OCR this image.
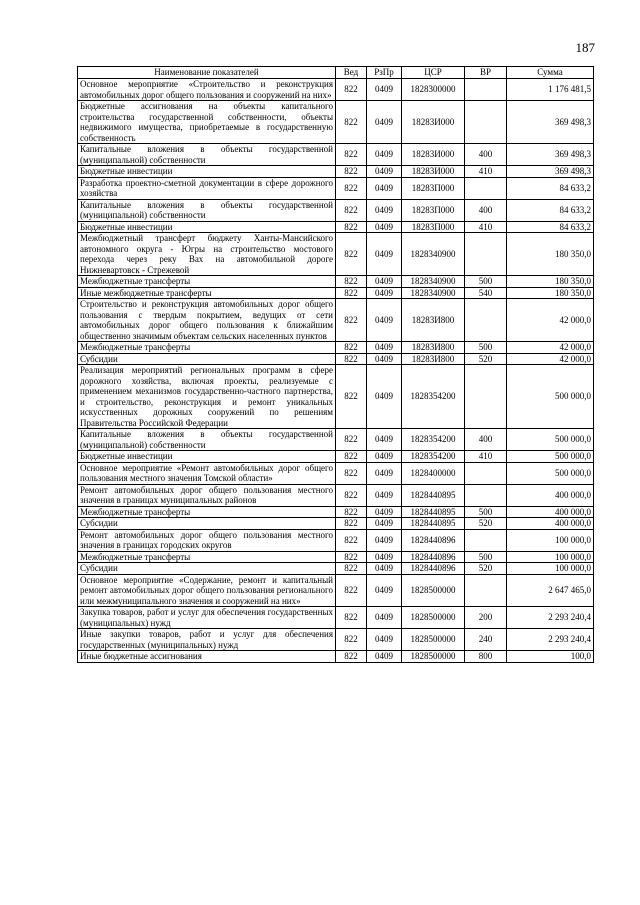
187
Наименование показателей	Вед	РзПр	ЦСР	ВР	Сумма
Основное мероприятие «Строительство и реконструкция автомобильных дорог общего пользования и сооружений на них»	822	0409	1828300000		1 176 481,5
Бюджетные ассигнования на объекты капитального строительства государственной собственности, объекты недвижимого имущества, приобретаемые в государственную собственность	822	0409	18283И000		369 498,3
Капитальные вложения в объекты государственной (муниципальной) собственности	822	0409	18283И000	400	369 498,3
Бюджетные инвестиции	822	0409	18283И000	410	369 498,3
Разработка проектно-сметной документации в сфере дорожного хозяйства	822	0409	18283П000		84 633,2
Капитальные вложения в объекты государственной (муниципальной) собственности	822	0409	18283П000	400	84 633,2
Бюджетные инвестиции	822	0409	18283П000	410	84 633,2
Межбюджетный трансферт бюджету Ханты-Мансийского автономного округа - Югры на строительство мостового перехода через реку Вах на автомобильной дороге Нижневартовск - Стрежевой	822	0409	1828340900		180 350,0
Межбюджетные трансферты	822	0409	1828340900	500	180 350,0
Иные межбюджетные трансферты	822	0409	1828340900	540	180 350,0
Строительство и реконструкция автомобильных дорог общего пользования с твердым покрытием, ведущих от сети автомобильных дорог общего пользования к ближайшим общественно значимым объектам сельских населенных пунктов	822	0409	18283И800		42 000,0
Межбюджетные трансферты	822	0409	18283И800	500	42 000,0
Субсидии	822	0409	18283И800	520	42 000,0
Реализация мероприятий региональных программ в сфере дорожного хозяйства, включая проекты, реализуемые с применением механизмов государственно-частного партнерства, и строительство, реконструкция и ремонт уникальных искусственных дорожных сооружений по решениям Правительства Российской Федерации	822	0409	1828354200		500 000,0
Капитальные вложения в объекты государственной (муниципальной) собственности	822	0409	1828354200	400	500 000,0
Бюджетные инвестиции	822	0409	1828354200	410	500 000,0
Основное мероприятие «Ремонт автомобильных дорог общего пользования местного значения Томской области»	822	0409	1828400000		500 000,0
Ремонт автомобильных дорог общего пользования местного значения в границах муниципальных районов	822	0409	1828440895		400 000,0
Межбюджетные трансферты	822	0409	1828440895	500	400 000,0
Субсидии	822	0409	1828440895	520	400 000,0
Ремонт автомобильных дорог общего пользования местного значения в границах городских округов	822	0409	1828440896		100 000,0
Межбюджетные трансферты	822	0409	1828440896	500	100 000,0
Субсидии	822	0409	1828440896	520	100 000,0
Основное мероприятие «Содержание, ремонт и капитальный ремонт автомобильных дорог общего пользования регионального или межмуниципального значения и сооружений на них»	822	0409	1828500000		2 647 465,0
Закупка товаров, работ и услуг для обеспечения государственных (муниципальных) нужд	822	0409	1828500000	200	2 293 240,4
Иные закупки товаров, работ и услуг для обеспечения государственных (муниципальных) нужд	822	0409	1828500000	240	2 293 240,4
Иные бюджетные ассигнования	822	0409	1828500000	800	100,0
